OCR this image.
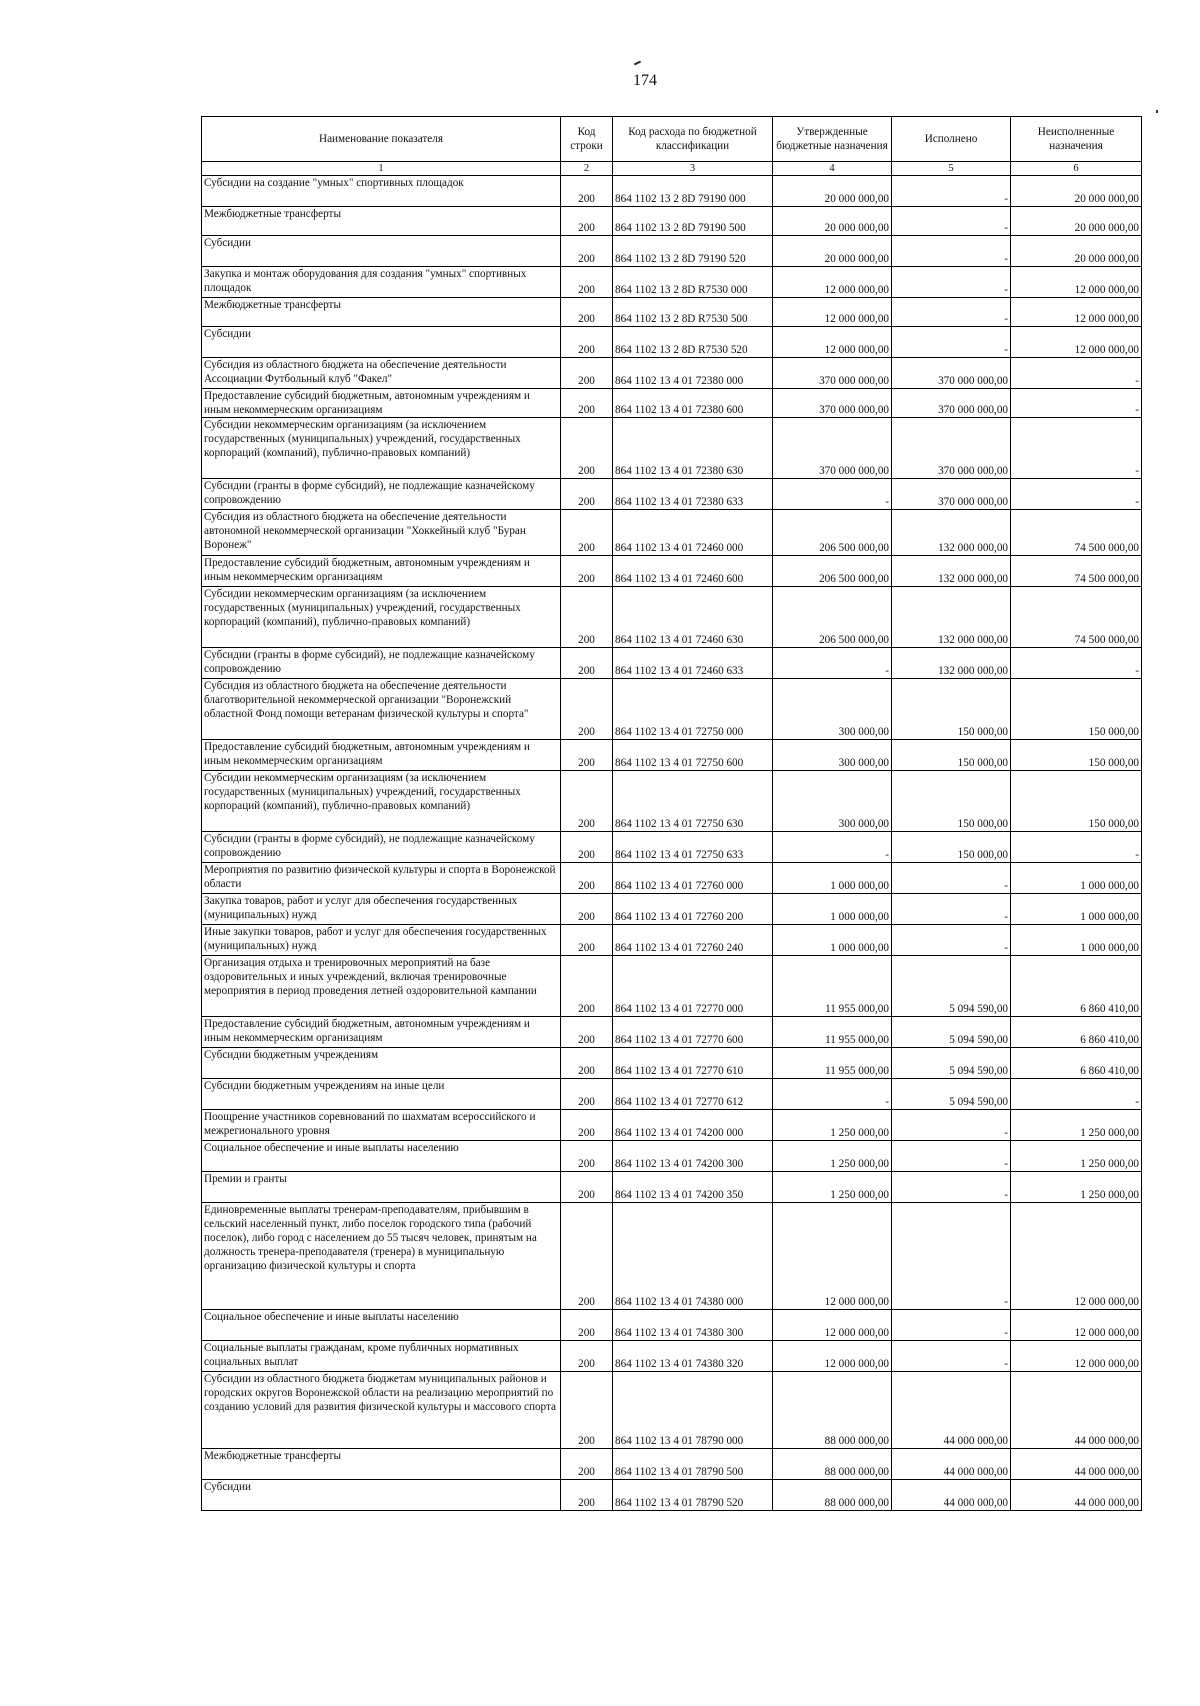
174
Наименование показателя	Код строки	Код расхода по бюджетной классификации	Утвержденные бюджетные назначения	Исполнено	Неисполненные назначения
1	2	3	4	5	6
Субсидии на создание "умных" спортивных площадок	200	864 1102 13 2 8D 79190 000	20 000 000,00	-	20 000 000,00
Межбюджетные трансферты	200	864 1102 13 2 8D 79190 500	20 000 000,00	-	20 000 000,00
Субсидии	200	864 1102 13 2 8D 79190 520	20 000 000,00	-	20 000 000,00
Закупка и монтаж оборудования для создания "умных" спортивных площадок	200	864 1102 13 2 8D R7530 000	12 000 000,00	-	12 000 000,00
Межбюджетные трансферты	200	864 1102 13 2 8D R7530 500	12 000 000,00	-	12 000 000,00
Субсидии	200	864 1102 13 2 8D R7530 520	12 000 000,00	-	12 000 000,00
Субсидия из областного бюджета на обеспечение деятельности Ассоциации Футбольный клуб "Факел"	200	864 1102 13 4 01 72380 000	370 000 000,00	370 000 000,00	-
Предоставление субсидий бюджетным, автономным учреждениям и иным некоммерческим организациям	200	864 1102 13 4 01 72380 600	370 000 000,00	370 000 000,00	-
Субсидии некоммерческим организациям (за исключением государственных (муниципальных) учреждений, государственных корпораций (компаний), публично-правовых компаний)	200	864 1102 13 4 01 72380 630	370 000 000,00	370 000 000,00	-
Субсидии (гранты в форме субсидий), не подлежащие казначейскому сопровождению	200	864 1102 13 4 01 72380 633	-	370 000 000,00	-
Субсидия из областного бюджета на обеспечение деятельности автономной некоммерческой организации "Хоккейный клуб "Буран Воронеж"	200	864 1102 13 4 01 72460 000	206 500 000,00	132 000 000,00	74 500 000,00
Предоставление субсидий бюджетным, автономным учреждениям и иным некоммерческим организациям	200	864 1102 13 4 01 72460 600	206 500 000,00	132 000 000,00	74 500 000,00
Субсидии некоммерческим организациям (за исключением государственных (муниципальных) учреждений, государственных корпораций (компаний), публично-правовых компаний)	200	864 1102 13 4 01 72460 630	206 500 000,00	132 000 000,00	74 500 000,00
Субсидии (гранты в форме субсидий), не подлежащие казначейскому сопровождению	200	864 1102 13 4 01 72460 633	-	132 000 000,00	-
Субсидия из областного бюджета на обеспечение деятельности благотворительной некоммерческой организации "Воронежский областной Фонд помощи ветеранам физической культуры и спорта"	200	864 1102 13 4 01 72750 000	300 000,00	150 000,00	150 000,00
Предоставление субсидий бюджетным, автономным учреждениям и иным некоммерческим организациям	200	864 1102 13 4 01 72750 600	300 000,00	150 000,00	150 000,00
Субсидии некоммерческим организациям (за исключением государственных (муниципальных) учреждений, государственных корпораций (компаний), публично-правовых компаний)	200	864 1102 13 4 01 72750 630	300 000,00	150 000,00	150 000,00
Субсидии (гранты в форме субсидий), не подлежащие казначейскому сопровождению	200	864 1102 13 4 01 72750 633	-	150 000,00	-
Мероприятия по развитию физической культуры и спорта в Воронежской области	200	864 1102 13 4 01 72760 000	1 000 000,00	-	1 000 000,00
Закупка товаров, работ и услуг для обеспечения государственных (муниципальных) нужд	200	864 1102 13 4 01 72760 200	1 000 000,00	-	1 000 000,00
Иные закупки товаров, работ и услуг для обеспечения государственных (муниципальных) нужд	200	864 1102 13 4 01 72760 240	1 000 000,00	-	1 000 000,00
Организация отдыха и тренировочных мероприятий на базе оздоровительных и иных учреждений, включая тренировочные мероприятия в период проведения летней оздоровительной кампании	200	864 1102 13 4 01 72770 000	11 955 000,00	5 094 590,00	6 860 410,00
Предоставление субсидий бюджетным, автономным учреждениям и иным некоммерческим организациям	200	864 1102 13 4 01 72770 600	11 955 000,00	5 094 590,00	6 860 410,00
Субсидии бюджетным учреждениям	200	864 1102 13 4 01 72770 610	11 955 000,00	5 094 590,00	6 860 410,00
Субсидии бюджетным учреждениям на иные цели	200	864 1102 13 4 01 72770 612	-	5 094 590,00	-
Поощрение участников соревнований по шахматам всероссийского и межрегионального уровня	200	864 1102 13 4 01 74200 000	1 250 000,00	-	1 250 000,00
Социальное обеспечение и иные выплаты населению	200	864 1102 13 4 01 74200 300	1 250 000,00	-	1 250 000,00
Премии и гранты	200	864 1102 13 4 01 74200 350	1 250 000,00	-	1 250 000,00
Единовременные выплаты тренерам-преподавателям, прибывшим в сельский населенный пункт, либо поселок городского типа (рабочий поселок), либо город с населением до 55 тысяч человек, принятым на должность тренера-преподавателя (тренера) в муниципальную организацию физической культуры и спорта	200	864 1102 13 4 01 74380 000	12 000 000,00	-	12 000 000,00
Социальное обеспечение и иные выплаты населению	200	864 1102 13 4 01 74380 300	12 000 000,00	-	12 000 000,00
Социальные выплаты гражданам, кроме публичных нормативных социальных выплат	200	864 1102 13 4 01 74380 320	12 000 000,00	-	12 000 000,00
Субсидии из областного бюджета бюджетам муниципальных районов и городских округов Воронежской области на реализацию мероприятий по созданию условий для развития физической культуры и массового спорта	200	864 1102 13 4 01 78790 000	88 000 000,00	44 000 000,00	44 000 000,00
Межбюджетные трансферты	200	864 1102 13 4 01 78790 500	88 000 000,00	44 000 000,00	44 000 000,00
Субсидии	200	864 1102 13 4 01 78790 520	88 000 000,00	44 000 000,00	44 000 000,00
